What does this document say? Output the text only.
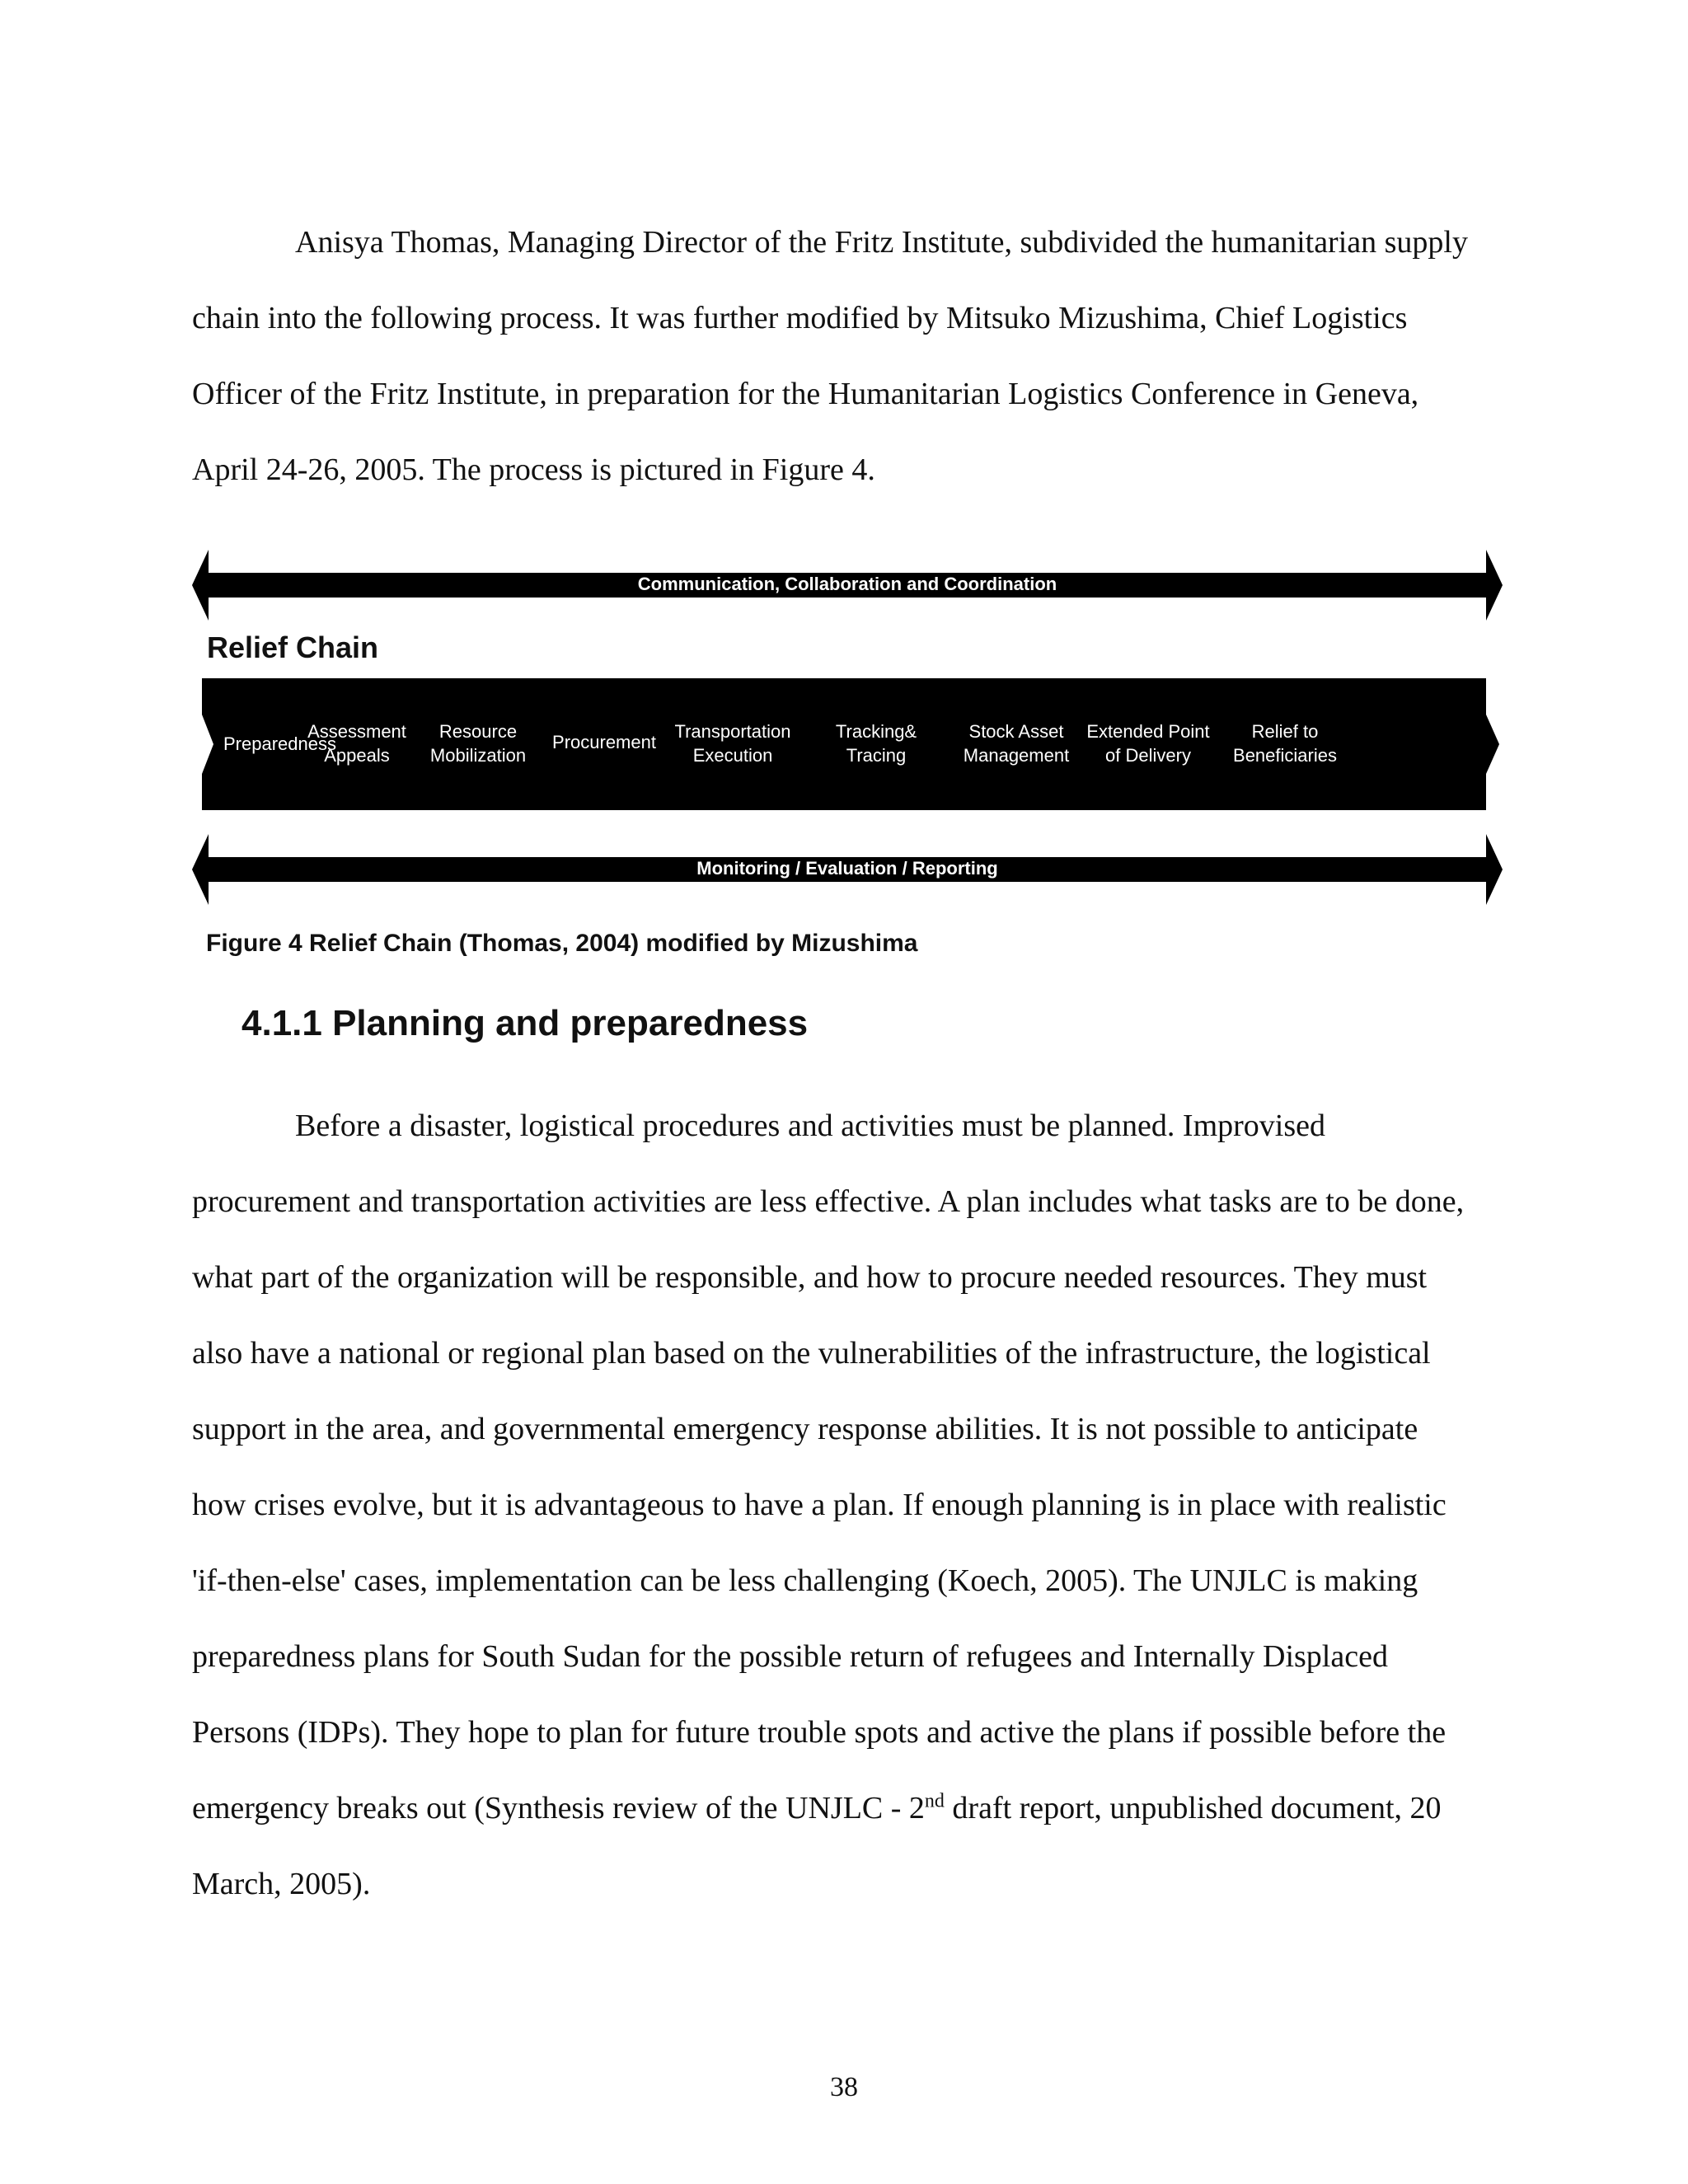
Anisya Thomas, Managing Director of the Fritz Institute, subdivided the humanitarian supply chain into the following process. It was further modified by Mitsuko Mizushima, Chief Logistics Officer of the Fritz Institute, in preparation for the Humanitarian Logistics Conference in Geneva, April 24-26, 2005. The process is pictured in Figure 4.

Communication, Collaboration and Coordination
Relief Chain
Preparedness
Assessment
Appeals
Resource
Mobilization
Procurement
Transportation
Execution
Tracking&
Tracing
Stock Asset
Management
Extended Point
of Delivery
Relief to
Beneficiaries
Monitoring / Evaluation / Reporting
Figure 4 Relief Chain (Thomas, 2004) modified by Mizushima
4.1.1 Planning and preparedness

Before a disaster, logistical procedures and activities must be planned. Improvised procurement and transportation activities are less effective. A plan includes what tasks are to be done, what part of the organization will be responsible, and how to procure needed resources. They must also have a national or regional plan based on the vulnerabilities of the infrastructure, the logistical support in the area, and governmental emergency response abilities. It is not possible to anticipate how crises evolve, but it is advantageous to have a plan. If enough planning is in place with realistic 'if-then-else' cases, implementation can be less challenging (Koech, 2005). The UNJLC is making preparedness plans for South Sudan for the possible return of refugees and Internally Displaced Persons (IDPs). They hope to plan for future trouble spots and active the plans if possible before the emergency breaks out (Synthesis review of the UNJLC - 2nd draft report, unpublished document, 20 March, 2005).

38
